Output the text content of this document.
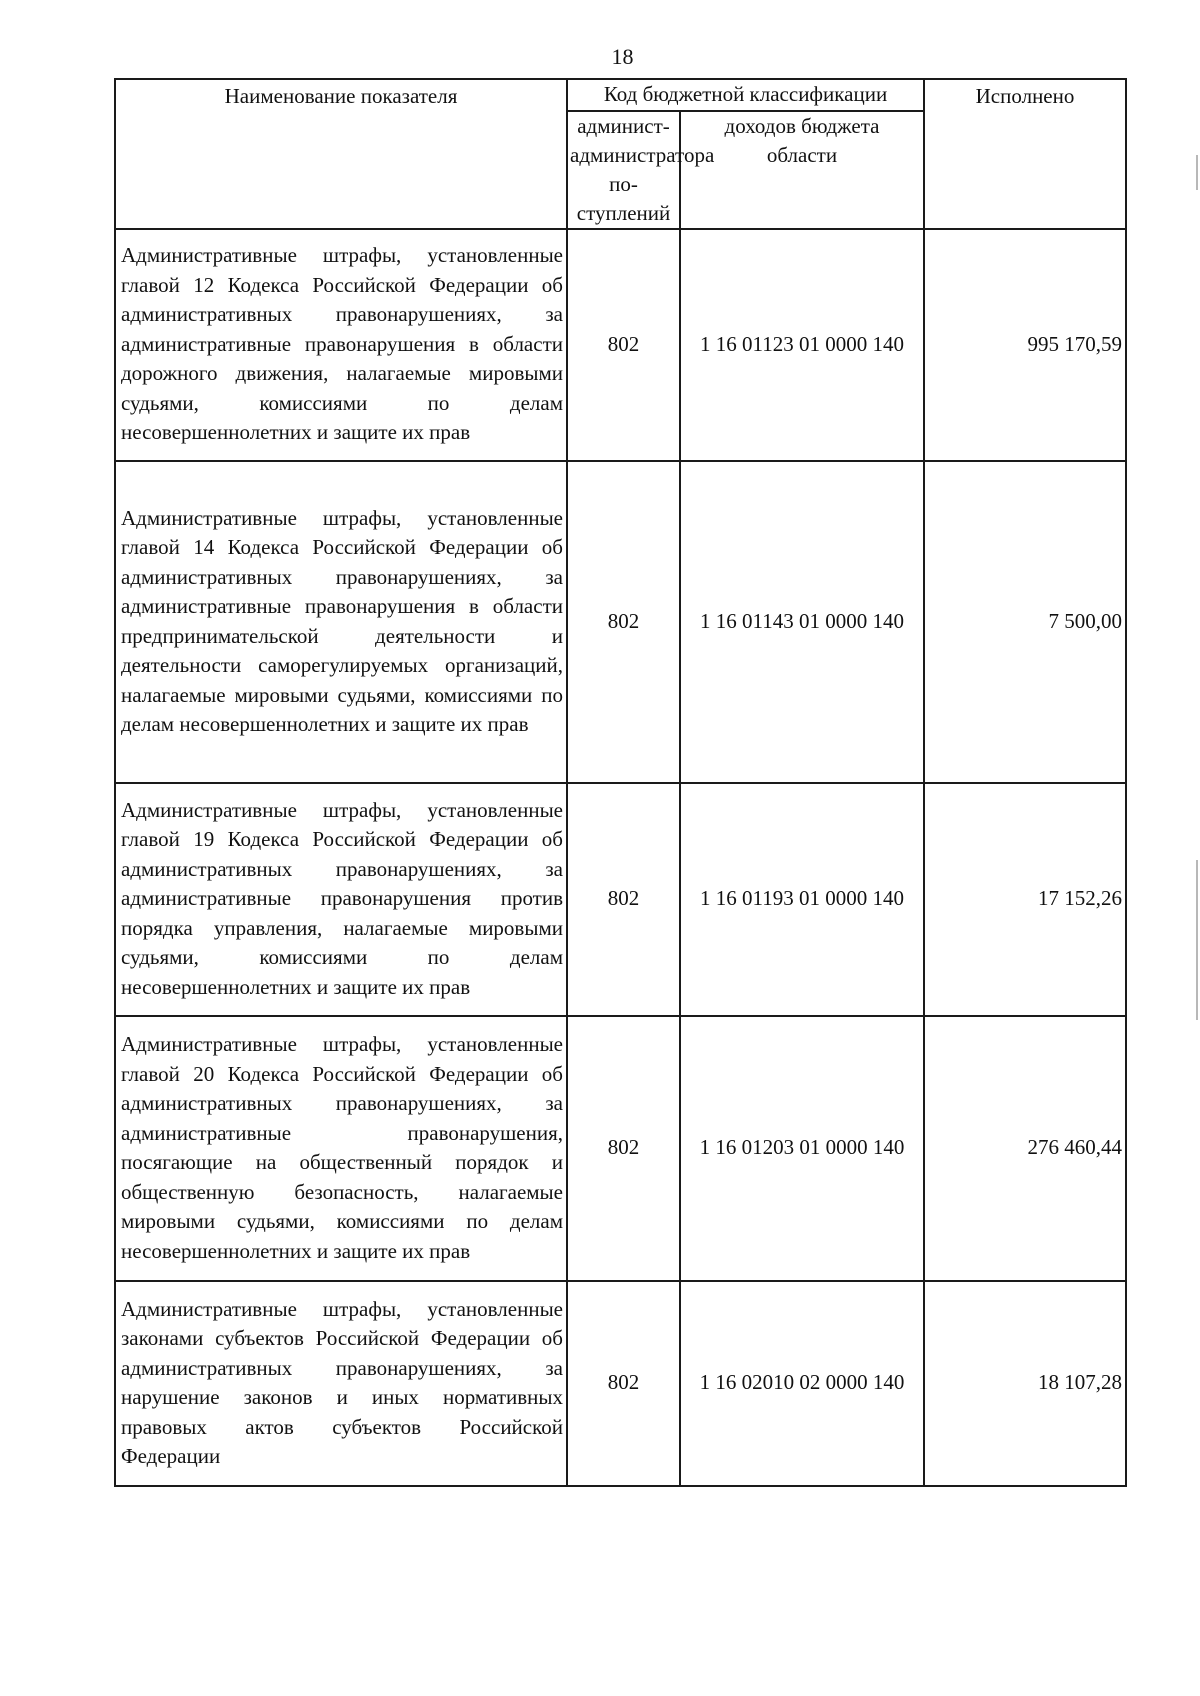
18
Наименование показателя	Код бюджетной классификации		Исполнено

	админист-
администратора по-
ступлений	доходов бюджета области	

Административные штрафы, установленные главой 12 Кодекса Российской Федерации об административных правонарушениях, за административные правонарушения в области дорожного движения, налагаемые мировыми судьями, комиссиями по делам несовершеннолетних и защите их прав	802	1 16 01123 01 0000 140	995 170,59
Административные штрафы, установленные главой 14 Кодекса Российской Федерации об административных правонарушениях, за административные правонарушения в области предпринимательской деятельности и деятельности саморегулируемых организаций, налагаемые мировыми судьями, комиссиями по делам несовершеннолетних и защите их прав	802	1 16 01143 01 0000 140	7 500,00
Административные штрафы, установленные главой 19 Кодекса Российской Федерации об административных правонарушениях, за административные правонарушения против порядка управления, налагаемые мировыми судьями, комиссиями по делам несовершеннолетних и защите их прав	802	1 16 01193 01 0000 140	17 152,26
Административные штрафы, установленные главой 20 Кодекса Российской Федерации об административных правонарушениях, за административные правонарушения, посягающие на общественный порядок и общественную безопасность, налагаемые мировыми судьями, комиссиями по делам несовершеннолетних и защите их прав	802	1 16 01203 01 0000 140	276 460,44
Административные штрафы, установленные законами субъектов Российской Федерации об административных правонарушениях, за нарушение законов и иных нормативных правовых актов субъектов Российской Федерации	802	1 16 02010 02 0000 140	18 107,28
